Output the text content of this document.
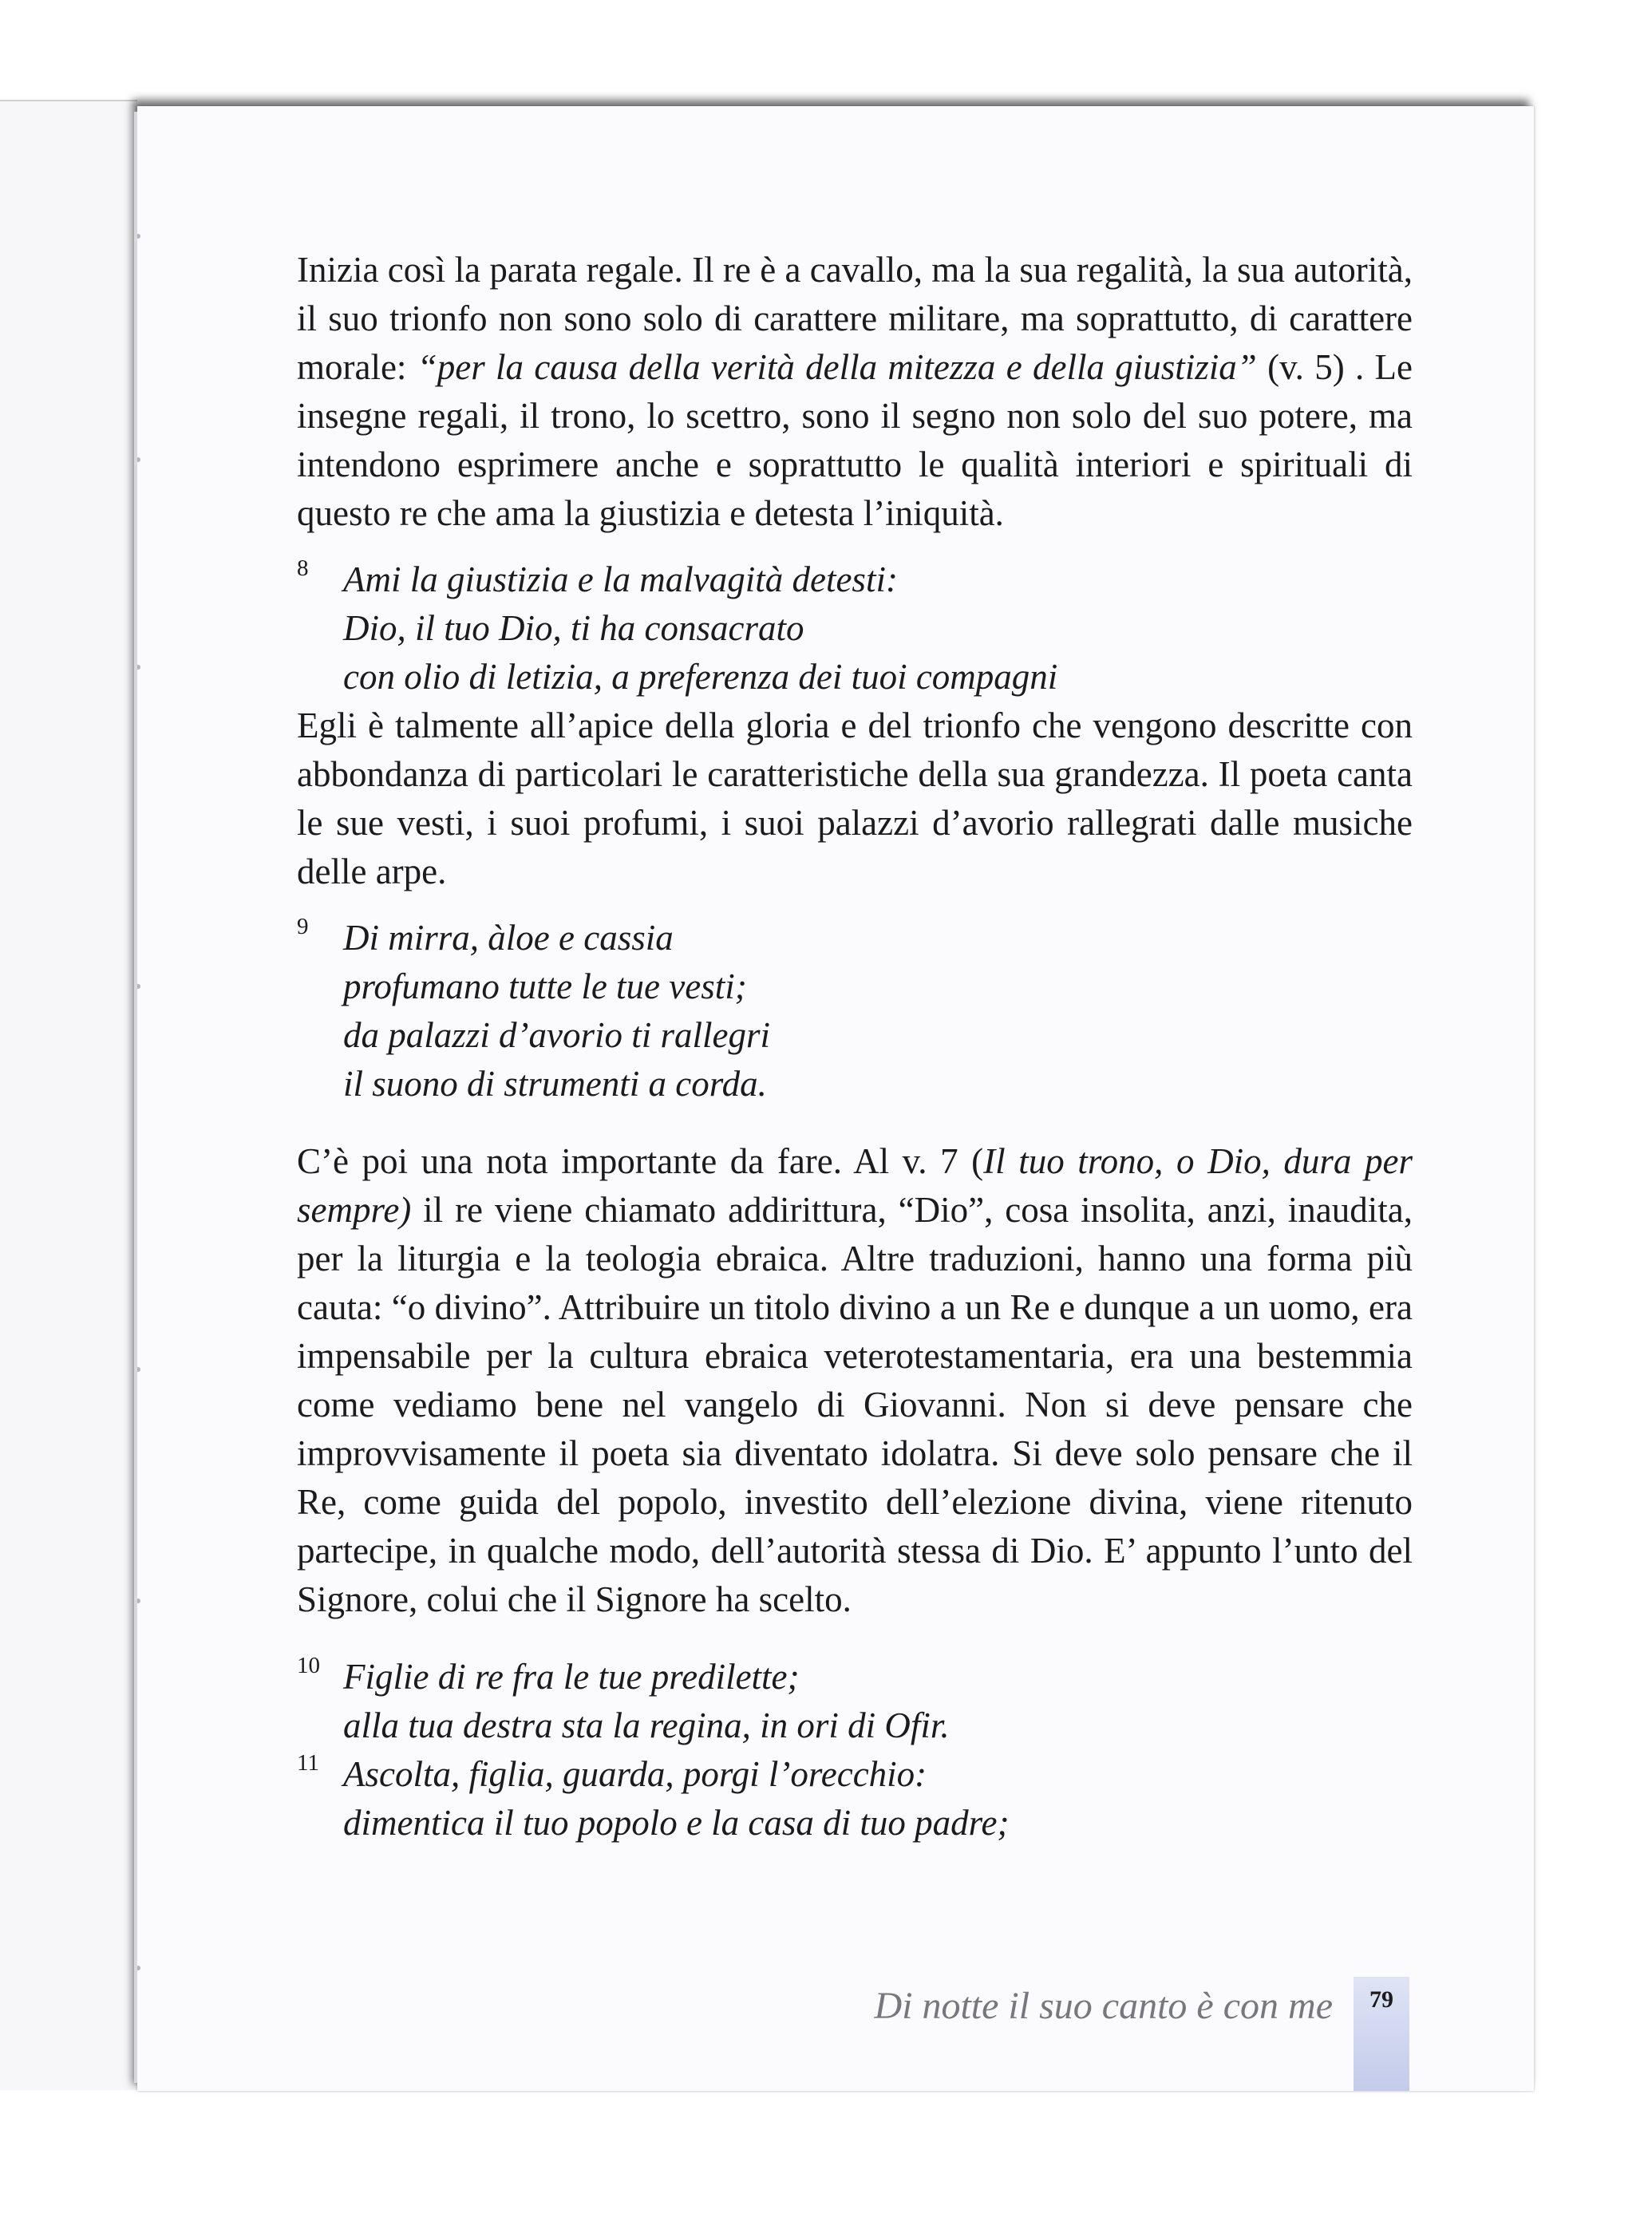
Inizia così la parata regale. Il re è a cavallo, ma la sua regalità, la sua autorità, il suo trionfo non sono solo di carattere militare, ma soprattutto, di carattere morale: “per la causa della verità della mitezza e della giustizia” (v. 5) . Le insegne regali, il trono, lo scettro, sono il segno non solo del suo potere, ma intendono esprimere anche e soprattutto le qualità interiori e spirituali di questo re che ama la giustizia e detesta l’iniquità.

8 Ami la giustizia e la malvagità detesti:
Dio, il tuo Dio, ti ha consacrato
con olio di letizia, a preferenza dei tuoi compagni

Egli è talmente all’apice della gloria e del trionfo che vengono descritte con abbondanza di particolari le caratteristiche della sua grandezza. Il poeta canta le sue vesti, i suoi profumi, i suoi palazzi d’avorio rallegrati dalle musiche delle arpe.

9 Di mirra, àloe e cassia
profumano tutte le tue vesti;
da palazzi d’avorio ti rallegri
il suono di strumenti a corda.

C’è poi una nota importante da fare. Al v. 7 (Il tuo trono, o Dio, dura per sempre) il re viene chiamato addirittura, “Dio”, cosa insolita, anzi, inaudita, per la liturgia e la teologia ebraica. Altre traduzioni, hanno una forma più cauta: “o divino”. Attribuire un titolo divino a un Re e dunque a un uomo, era impensabile per la cultura ebraica veterotestamentaria, era una bestemmia come vediamo bene nel vangelo di Giovanni. Non si deve pensare che improvvisamente il poeta sia diventato idolatra. Si deve solo pensare che il Re, come guida del popolo, investito dell’elezione divina, viene ritenuto partecipe, in qualche modo, dell’autorità stessa di Dio. E’ appunto l’unto del Signore, colui che il Signore ha scelto.

10 Figlie di re fra le tue predilette;
alla tua destra sta la regina, in ori di Ofir.
11 Ascolta, figlia, guarda, porgi l’orecchio:
dimentica il tuo popolo e la casa di tuo padre;
Di notte il suo canto è con me	79
